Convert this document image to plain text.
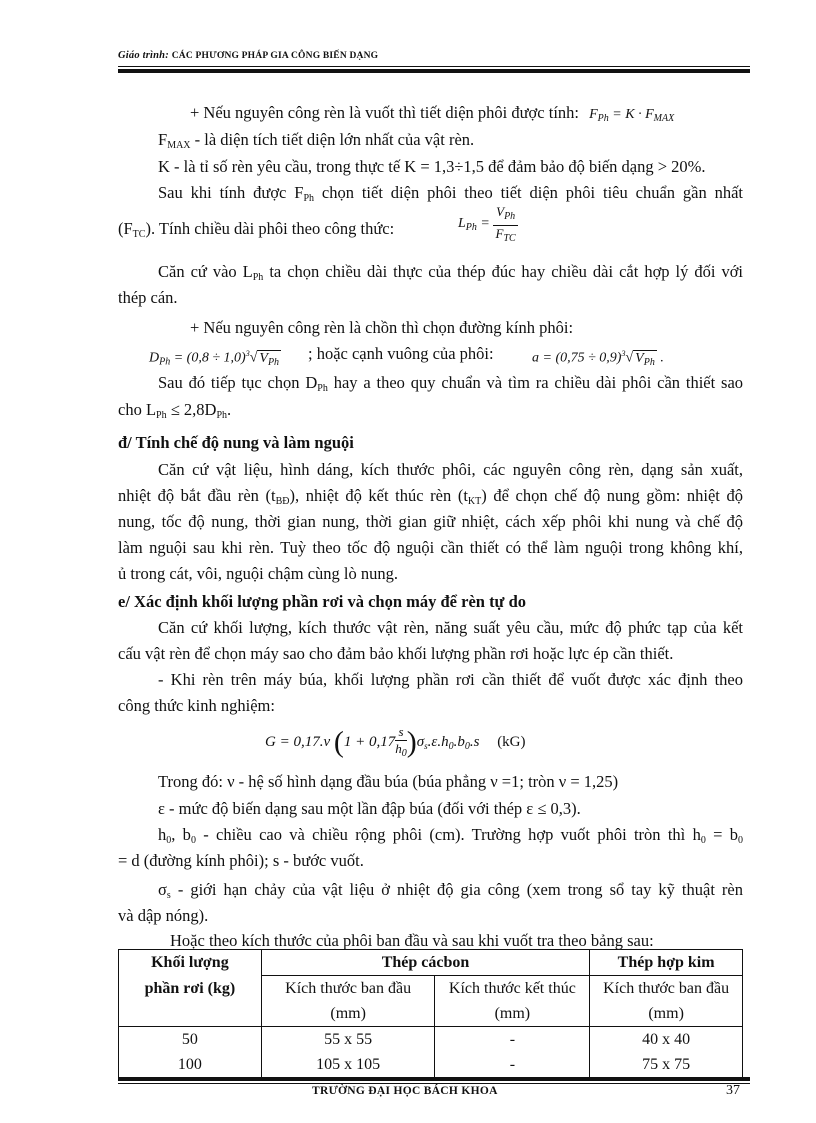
Giáo trình: CÁC PHƯƠNG PHÁP GIA CÔNG BIẾN DẠNG
+ Nếu nguyên công rèn là vuốt thì tiết diện phôi được tính: $F_{Ph} = K \cdot F_{MAX}$
$F_{MAX}$ - là diện tích tiết diện lớn nhất của vật rèn.
K - là tỉ số rèn yêu cầu, trong thực tế K = 1,3÷1,5 để đảm bảo độ biến dạng > 20%.
Sau khi tính được $F_{Ph}$ chọn tiết diện phôi theo tiết diện phôi tiêu chuẩn gần nhất
$(F_{TC})$. Tính chiều dài phôi theo công thức:	$L_{Ph} = \frac{V_{Ph}}{F_{TC}}$
Căn cứ vào $L_{Ph}$ ta chọn chiều dài thực của thép đúc hay chiều dài cắt hợp lý đối với
thép cán.
+ Nếu nguyên công rèn là chồn thì chọn đường kính phôi:
$D_{Ph} = (0,8 \div 1,0)^3√$ $V_{Ph}$ ; hoặc cạnh vuông của phôi:	$a = (0,75 \div 0,9)^3√$ $V_{Ph}$ .
Sau đó tiếp tục chọn $D_{Ph}$ hay a theo quy chuẩn và tìm ra chiều dài phôi cần thiết sao
cho $L_{Ph} \le 2,8D_{Ph}$.
đ/ Tính chế độ nung và làm nguội
Căn cứ vật liệu, hình dáng, kích thước phôi, các nguyên công rèn, dạng sản xuất,
nhiệt độ bắt đầu rèn $(t_{BĐ})$, nhiệt độ kết thúc rèn $(t_{KT})$ để chọn chế độ nung gồm: nhiệt độ
nung, tốc độ nung, thời gian nung, thời gian giữ nhiệt, cách xếp phôi khi nung và chế độ
làm nguội sau khi rèn. Tuỳ theo tốc độ nguội cần thiết có thể làm nguội trong không khí,
ủ trong cát, vôi, nguội chậm cùng lò nung.
e/ Xác định khối lượng phần rơi và chọn máy để rèn tự do
Căn cứ khối lượng, kích thước vật rèn, năng suất yêu cầu, mức độ phức tạp của kết
cấu vật rèn để chọn máy sao cho đảm bảo khối lượng phần rơi hoặc lực ép cần thiết.
- Khi rèn trên máy búa, khối lượng phần rơi cần thiết để vuốt được xác định theo
công thức kinh nghiệm:
G = 0,17.ν $(1 + 0,17 \frac{s}{h_0} )\sigma_s.\varepsilon.h_0.b_0.s$ (kG)
Trong đó: ν - hệ số hình dạng đầu búa (búa phẳng ν =1; tròn ν = 1,25)
ε - mức độ biến dạng sau một lần đập búa (đối với thép ε ≤ 0,3).
$h_0$, $b_0$ - chiều cao và chiều rộng phôi (cm). Trường hợp vuốt phôi tròn thì $h_0 = b_0$
= d (đường kính phôi); s - bước vuốt.
$\sigma_s$ - giới hạn chảy của vật liệu ở nhiệt độ gia công (xem trong sổ tay kỹ thuật rèn
và dập nóng).
Hoặc theo kích thước của phôi ban đầu và sau khi vuốt tra theo bảng sau:
Khối lượng	Thép cácbon		Thép hợp kim
phần rơi (kg)	Kích thước ban đầu	Kích thước kết thúc	Kích thước ban đầu
	(mm)	(mm)	(mm)
50	55 x 55	-	40 x 40
100	105 x 105	-	75 x 75
TRƯỜNG ĐẠI HỌC BÁCH KHOA	37
